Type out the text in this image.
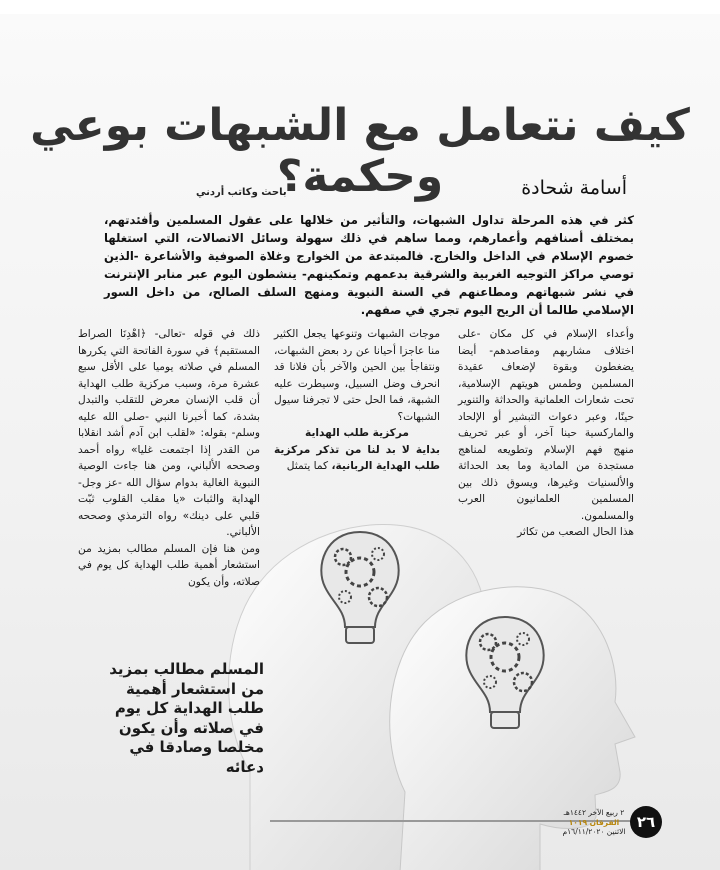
كيف نتعامل مع الشبهات بوعي وحكمة؟	أسامة شحادة
باحث وكاتب أردني
كثر في هذه المرحلة تداول الشبهات، والتأثير من خلالها على عقول المسلمين وأفئدتهم، بمختلف أصنافهم وأعمارهم، ومما ساهم في ذلك سهولة وسائل الاتصالات، التي استغلها خصوم الإسلام في الداخل والخارج. فالمبتدعة من الخوارج وغلاة الصوفية والأشاعرة -الذين توصي مراكز التوجيه الغربية والشرقية بدعمهم وتمكينهم- ينشطون اليوم عبر منابر الإنترنت في نشر شبهاتهم ومطاعنهم في السنة النبوية ومنهج السلف الصالح، من داخل السور الإسلامي طالما أن الريح اليوم تجري في صفهم.
وأعداء الإسلام في كل مكان -على اختلاف مشاربهم ومقاصدهم- أيضا يضغطون وبقوة لإضعاف عقيدة المسلمين وطمس هويتهم الإسلامية، تحت شعارات العلمانية والحداثة والتنوير حينًا، وعبر دعوات التبشير أو الإلحاد والماركسية حينا آخر، أو عبر تحريف منهج فهم الإسلام وتطويعه لمناهج مستجدة من المادية وما بعد الحداثة والألسنيات وغيرها، ويسوق ذلك بين المسلمين العلمانيون العرب والمسلمون.
هذا الحال الصعب من تكاثر
موجات الشبهات وتنوعها يجعل الكثير منا عاجزا أحيانا عن رد بعض الشبهات، ونتفاجأ بين الحين والآخر بأن فلانا قد انحرف وضل السبيل، وسيطرت عليه الشبهة، فما الحل حتى لا تجرفنا سيول الشبهات؟
مركزية طلب الهداية
بداية لا بد لنا من تذكر مركزية طلب الهداية الربانية، كما يتمثل
ذلك في قوله -تعالى- ﴿اهْدِنَا الصراط المستقيم﴾ في سورة الفاتحة التي يكررها المسلم في صلاته يوميا على الأقل سبع عشرة مرة، وسبب مركزية طلب الهداية أن قلب الإنسان معرض للتقلب والتبدل بشدة، كما أخبرنا النبي -صلى الله عليه وسلم- بقوله: «لقلب ابن آدم أشد انقلابا من القدر إذا اجتمعت غليا» رواه أحمد وصححه الألباني، ومن هنا جاءت الوصية النبوية الغالية بدوام سؤال الله -عز وجل- الهداية والثبات «يا مقلب القلوب ثبّت قلبي على دينك» رواه الترمذي وصححه الألباني.
ومن هنا فإن المسلم مطالب بمزيد من استشعار أهمية طلب الهداية كل يوم في صلاته، وأن يكون
المسلم مطالب بمزيد من استشعار أهمية طلب الهداية كل يوم في صلاته وأن يكون مخلصا وصادقا في دعائه
٢ ربيع الآخر ١٤٤٢هـ
الفرقان ١٠١٩
الاثنين ١٦/١١/٢٠٢٠م
٢٦
